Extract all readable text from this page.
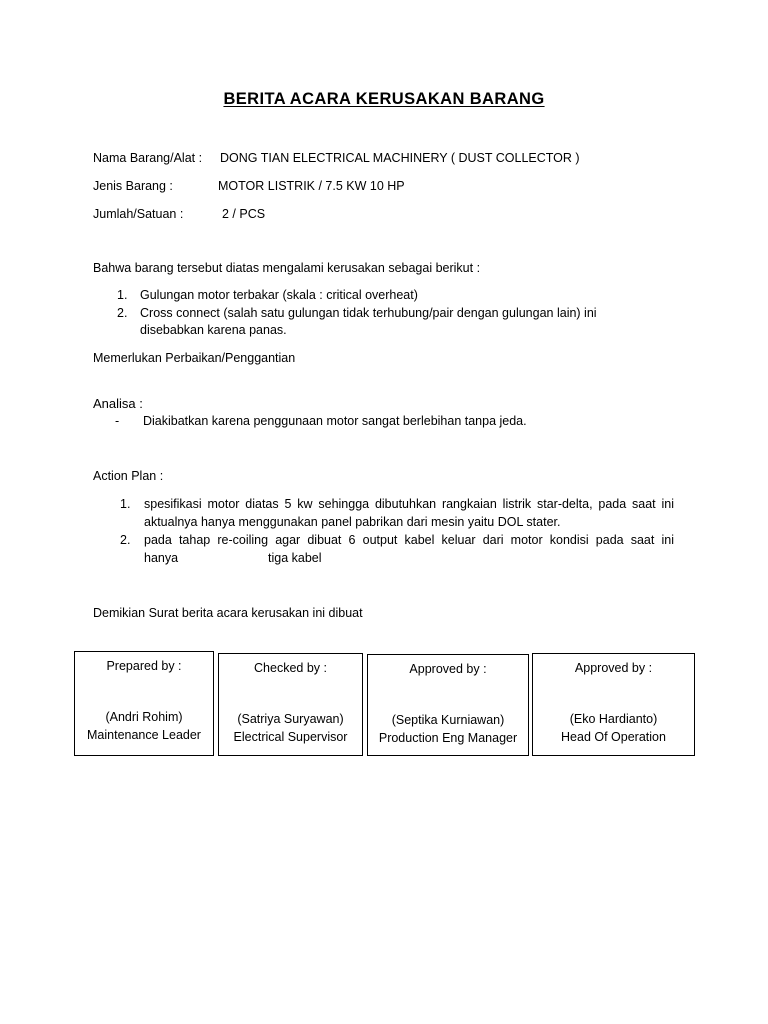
BERITA ACARA KERUSAKAN BARANG
Nama Barang/Alat : DONG TIAN ELECTRICAL MACHINERY ( DUST COLLECTOR )
Jenis Barang :	MOTOR LISTRIK / 7.5 KW 10 HP
Jumlah/Satuan :	2 / PCS
Bahwa barang tersebut diatas mengalami kerusakan sebagai berikut :
1. Gulungan motor terbakar (skala : critical overheat)
2. Cross connect (salah satu gulungan tidak terhubung/pair dengan gulungan lain) ini
disebabkan karena panas.
Memerlukan Perbaikan/Penggantian
Analisa :
- Diakibatkan karena penggunaan motor sangat berlebihan tanpa jeda.
Action Plan :
1. spesifikasi motor diatas 5 kw sehingga dibutuhkan rangkaian listrik star-delta, pada saat ini
aktualnya hanya menggunakan panel pabrikan dari mesin yaitu DOL stater.
2. pada tahap re-coiling agar dibuat 6 output kabel keluar dari motor kondisi pada saat ini
hanya	tiga kabel
Demikian Surat berita acara kerusakan ini dibuat
Prepared by :
(Andri Rohim)
Maintenance Leader
Checked by :
(Satriya Suryawan)
Electrical Supervisor
Approved by :
(Septika Kurniawan)
Production Eng Manager
Approved by :
(Eko Hardianto)
Head Of Operation
